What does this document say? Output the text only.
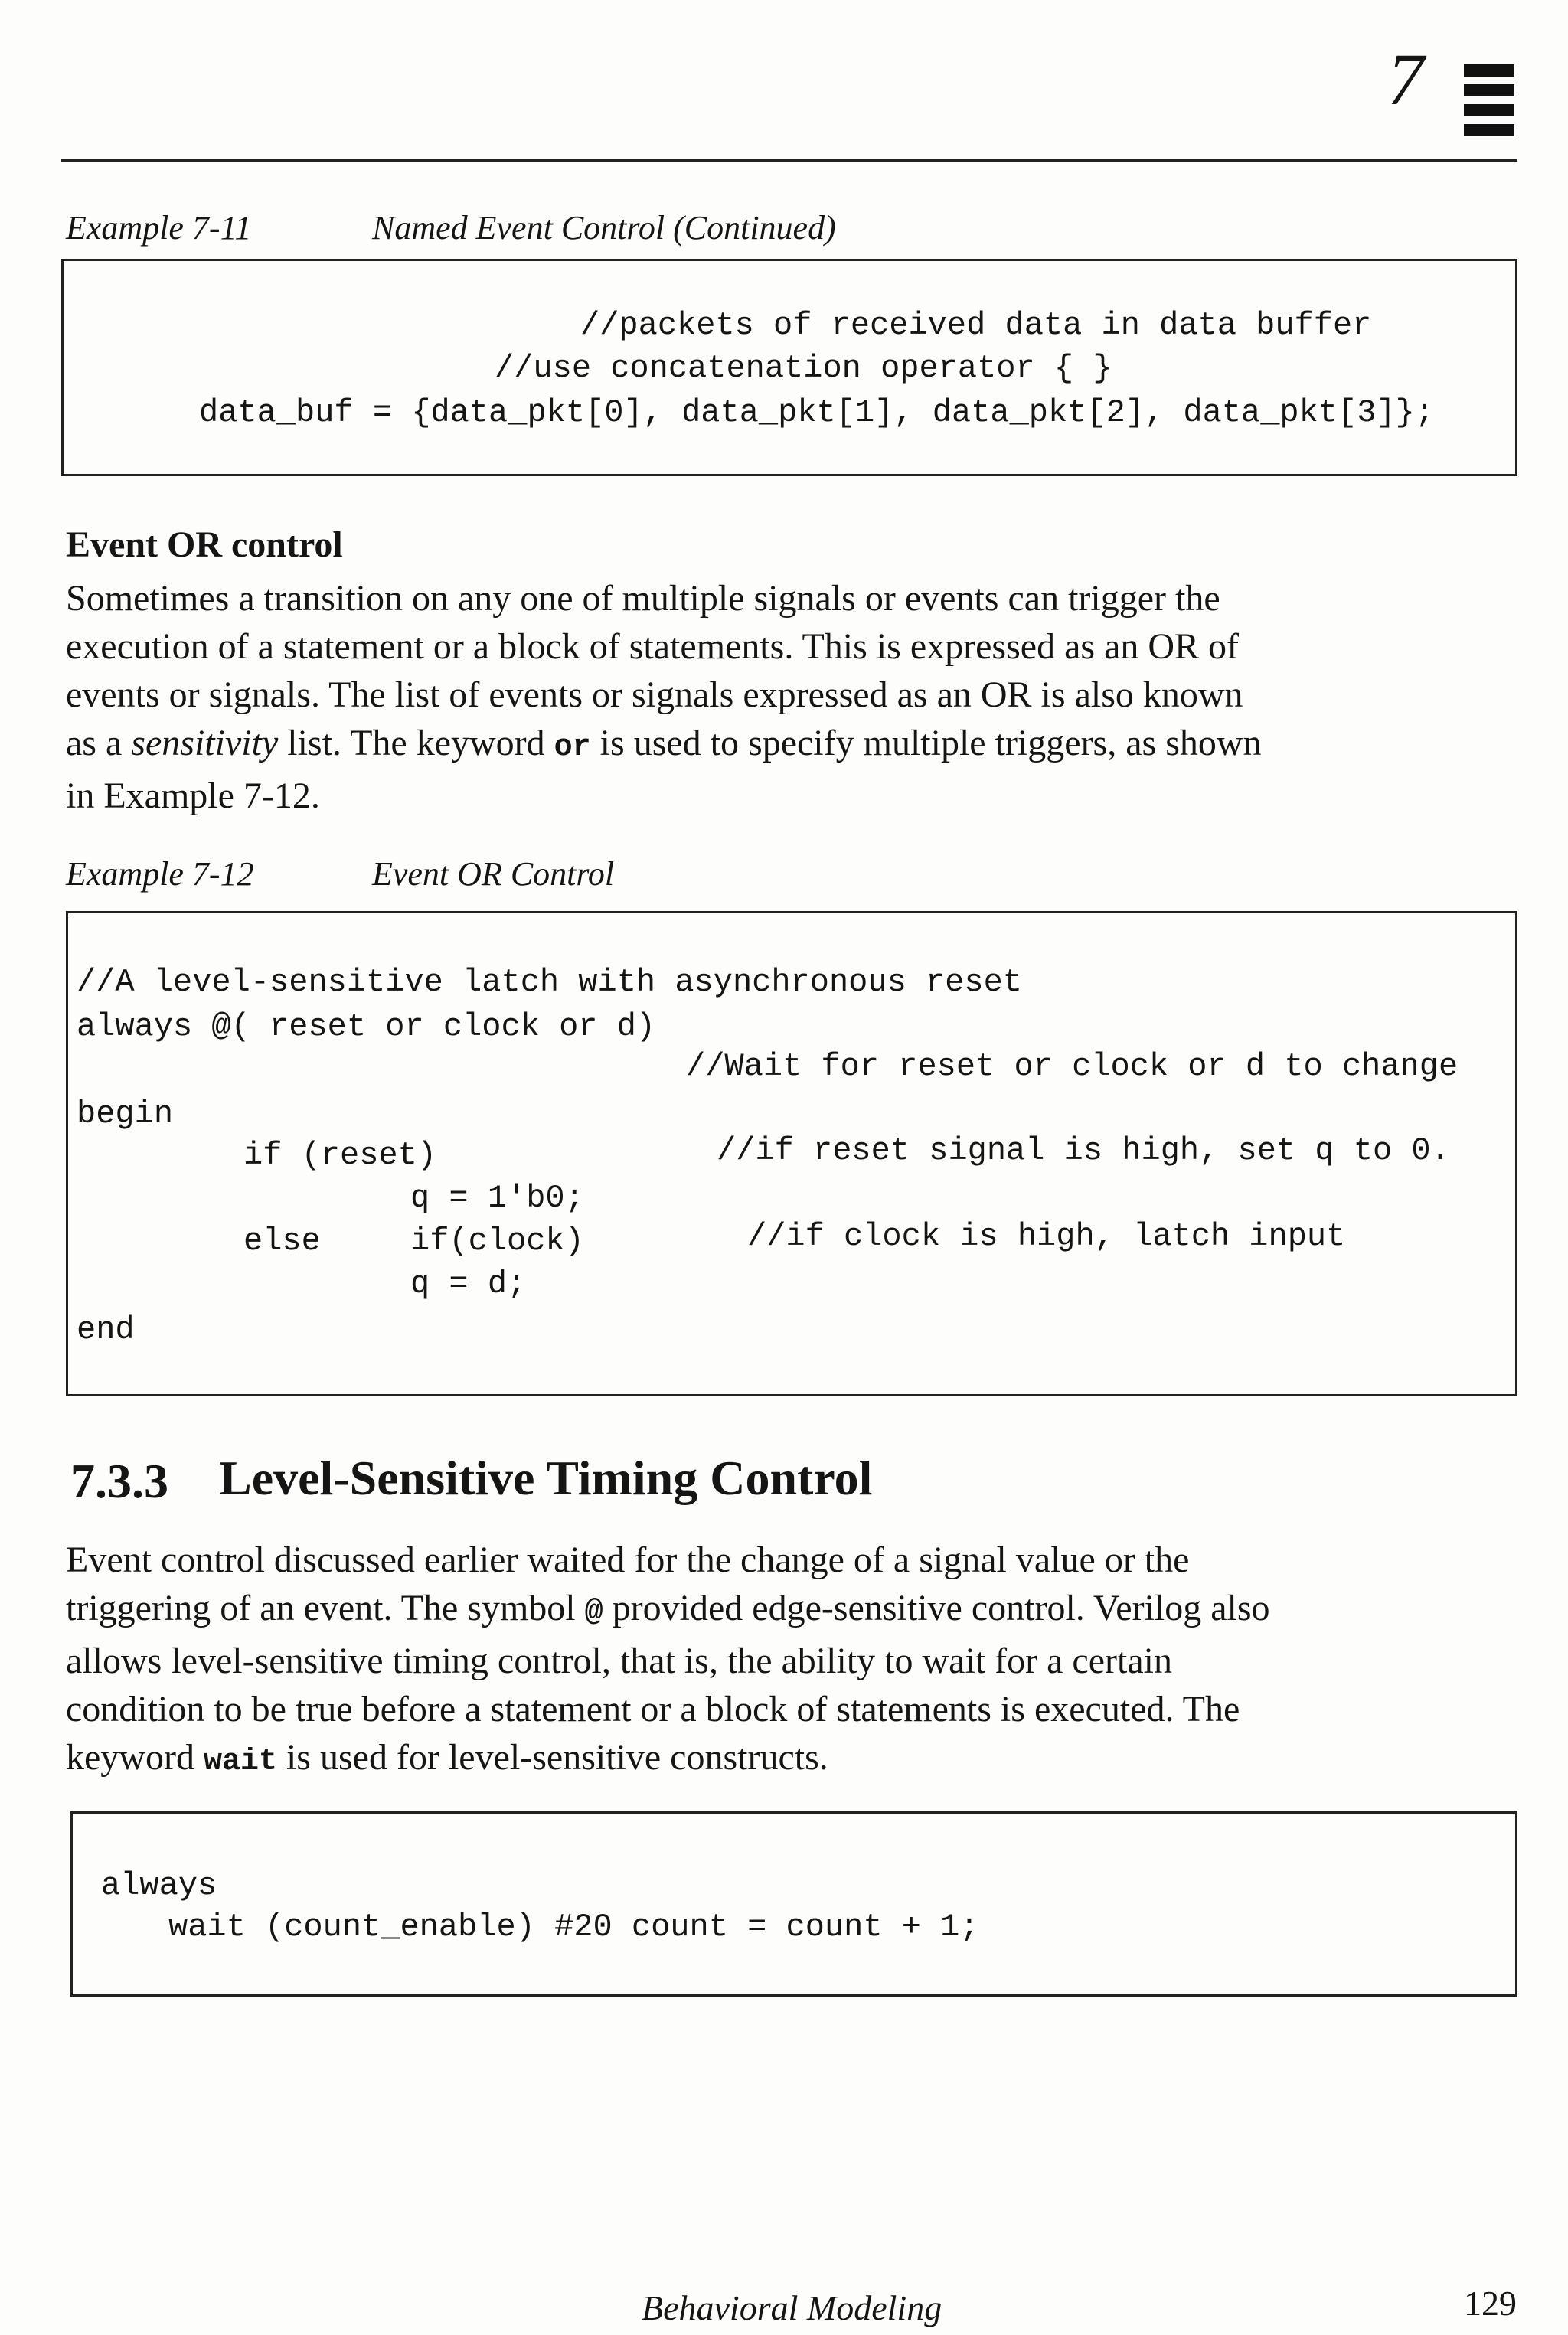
7
Example 7-11	Named Event Control (Continued)
//packets of received data in data buffer
//use concatenation operator { }
data_buf = {data_pkt[0], data_pkt[1], data_pkt[2], data_pkt[3]};
Event OR control

Sometimes a transition on any one of multiple signals or events can trigger the

execution of a statement or a block of statements. This is expressed as an OR of

events or signals. The list of events or signals expressed as an OR is also known

as a sensitivity list. The keyword or is used to specify multiple triggers, as shown

in Example 7-12.

Example 7-12	Event OR Control
//A level-sensitive latch with asynchronous reset
always @( reset or clock or d)
//Wait for reset or clock or d to change
begin
if (reset)	//if reset signal is high, set q to 0.
q = 1'b0;
else	if(clock)	//if clock is high, latch input
q = d;
end
7.3.3 Level-Sensitive Timing Control

Event control discussed earlier waited for the change of a signal value or the

triggering of an event. The symbol @ provided edge-sensitive control. Verilog also

allows level-sensitive timing control, that is, the ability to wait for a certain

condition to be true before a statement or a block of statements is executed. The

keyword wait is used for level-sensitive constructs.

always
wait (count_enable) #20 count = count + 1;
Behavioral Modeling	129
